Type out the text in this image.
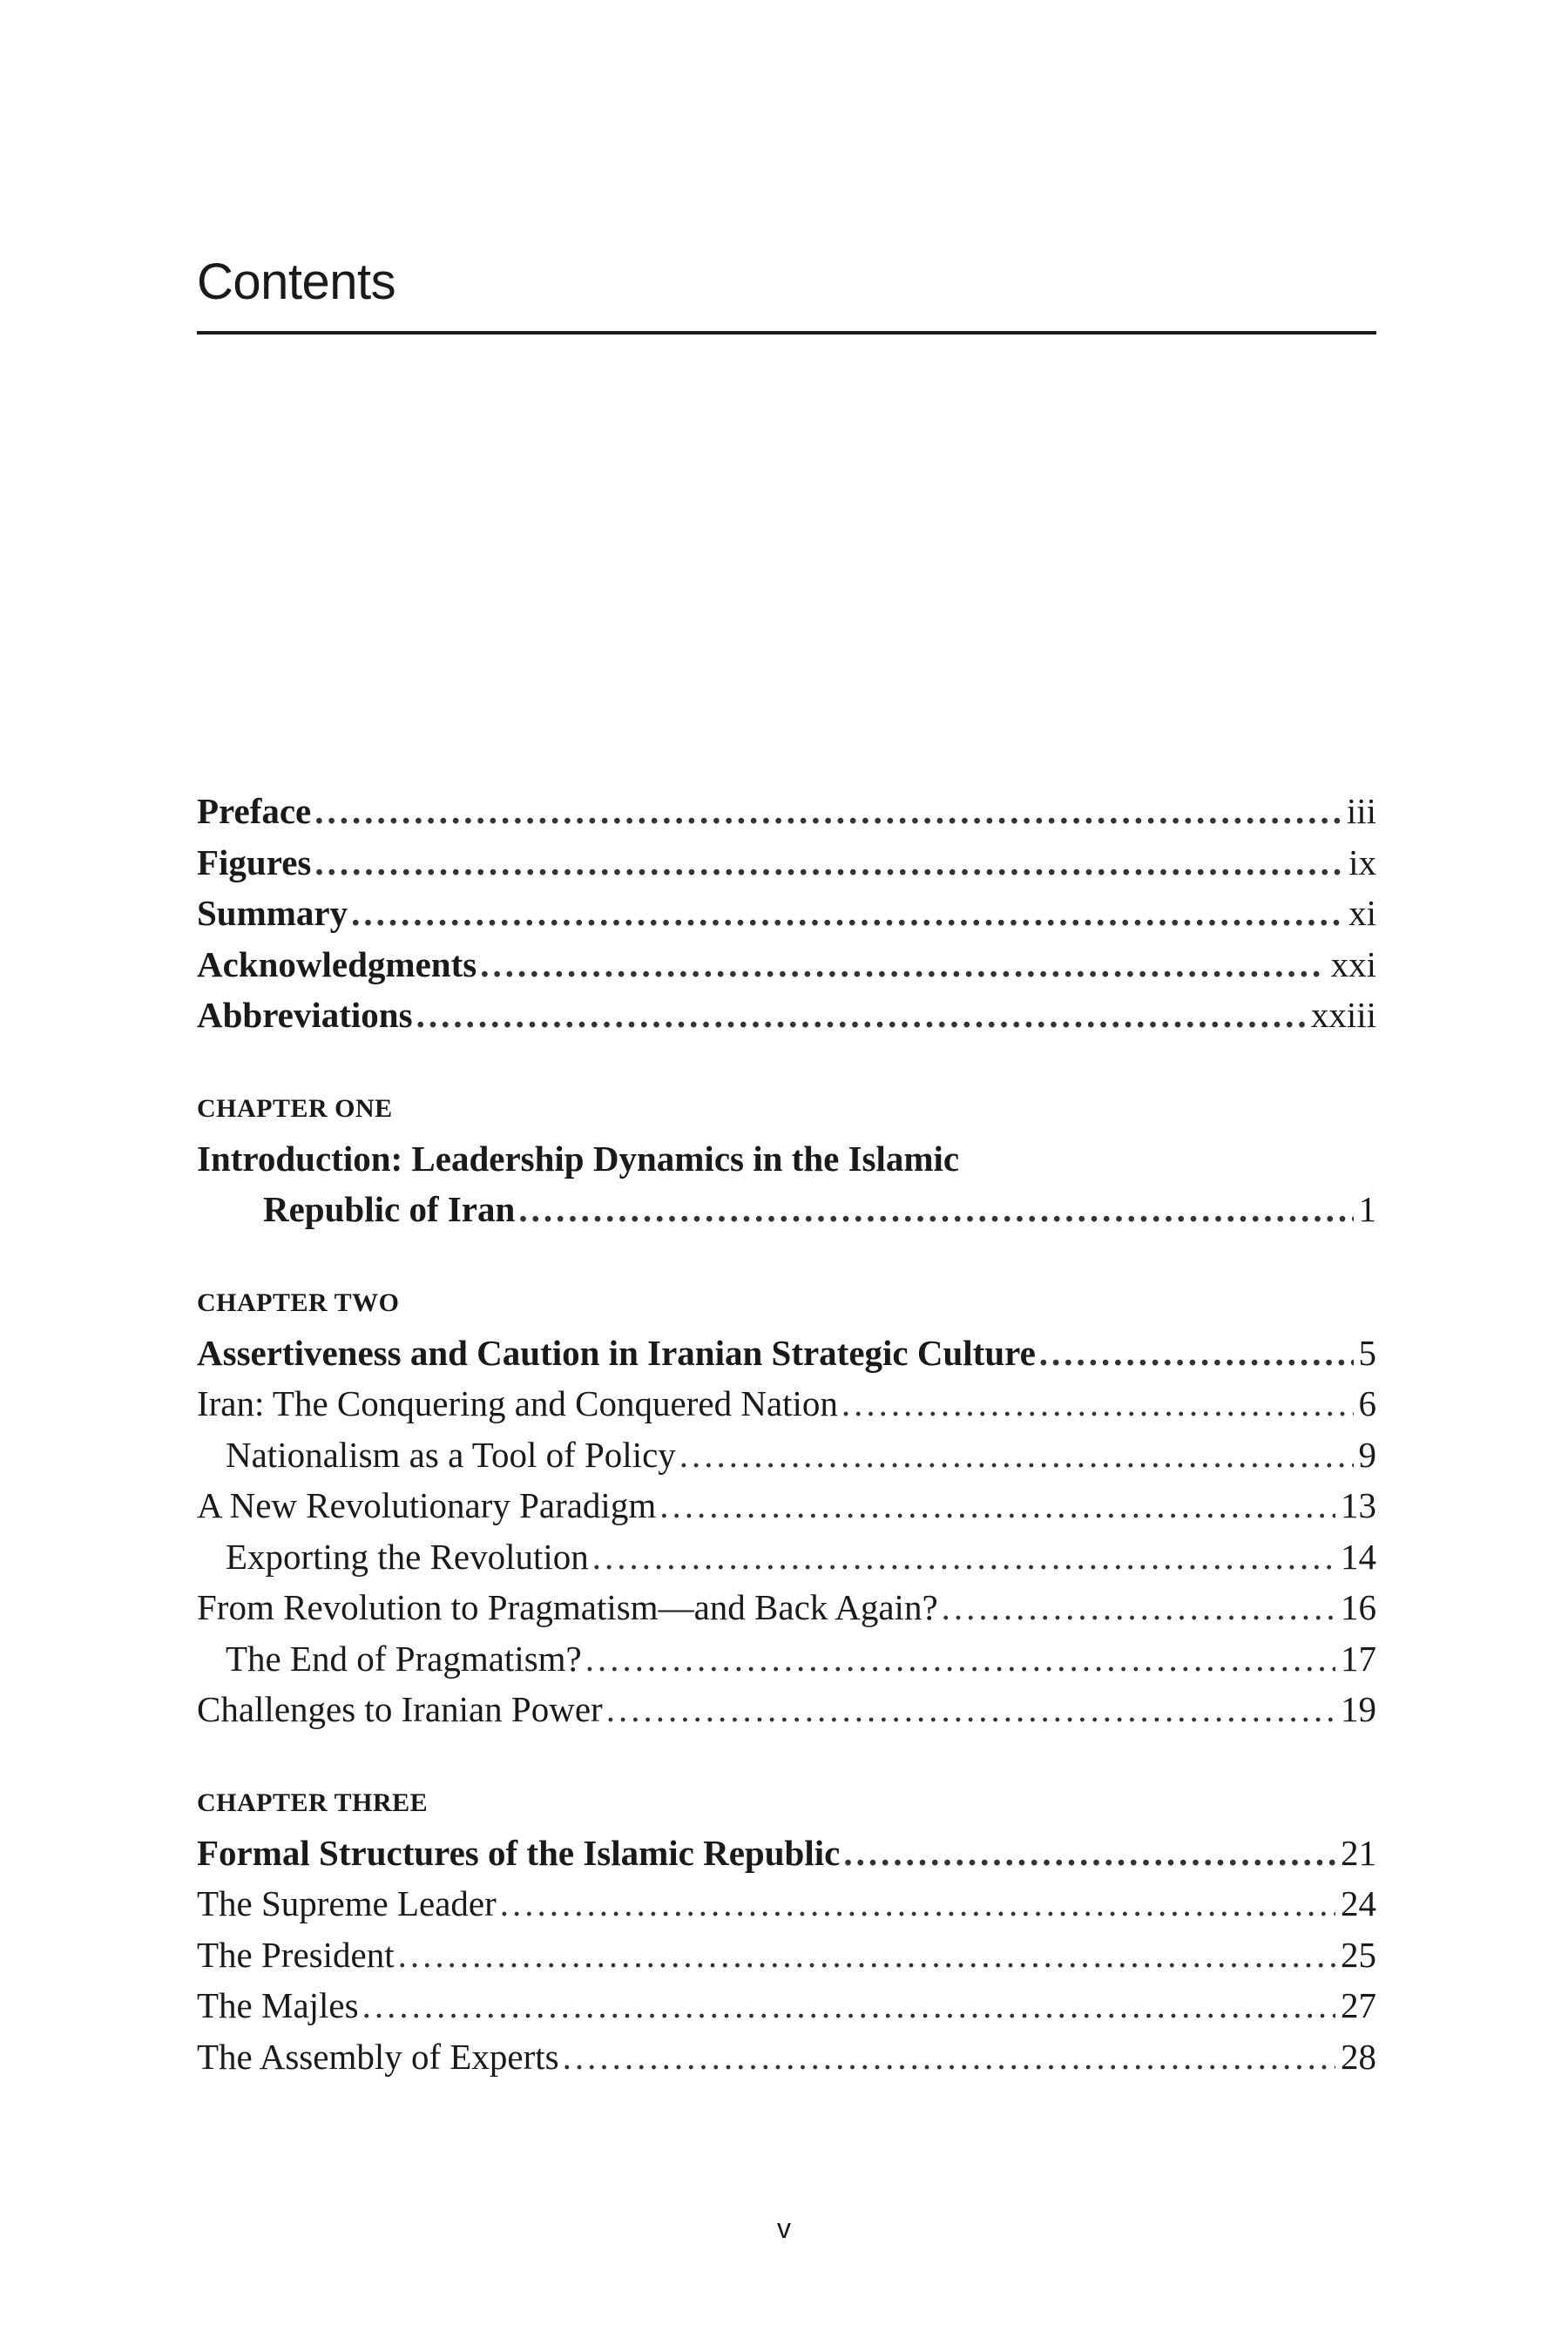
Contents
Preface .....	iii
Figures .....	ix
Summary .....	xi
Acknowledgments .....	xxi
Abbreviations .....	xxiii
CHAPTER ONE
Introduction: Leadership Dynamics in the Islamic
Republic of Iran .....	1
CHAPTER TWO
Assertiveness and Caution in Iranian Strategic Culture .....	5
Iran: The Conquering and Conquered Nation .....	6
Nationalism as a Tool of Policy .....	9
A New Revolutionary Paradigm .....	13
Exporting the Revolution .....	14
From Revolution to Pragmatism—and Back Again? .....	16
The End of Pragmatism? .....	17
Challenges to Iranian Power .....	19
CHAPTER THREE
Formal Structures of the Islamic Republic .....	21
The Supreme Leader .....	24
The President .....	25
The Majles .....	27
The Assembly of Experts .....	28
v
